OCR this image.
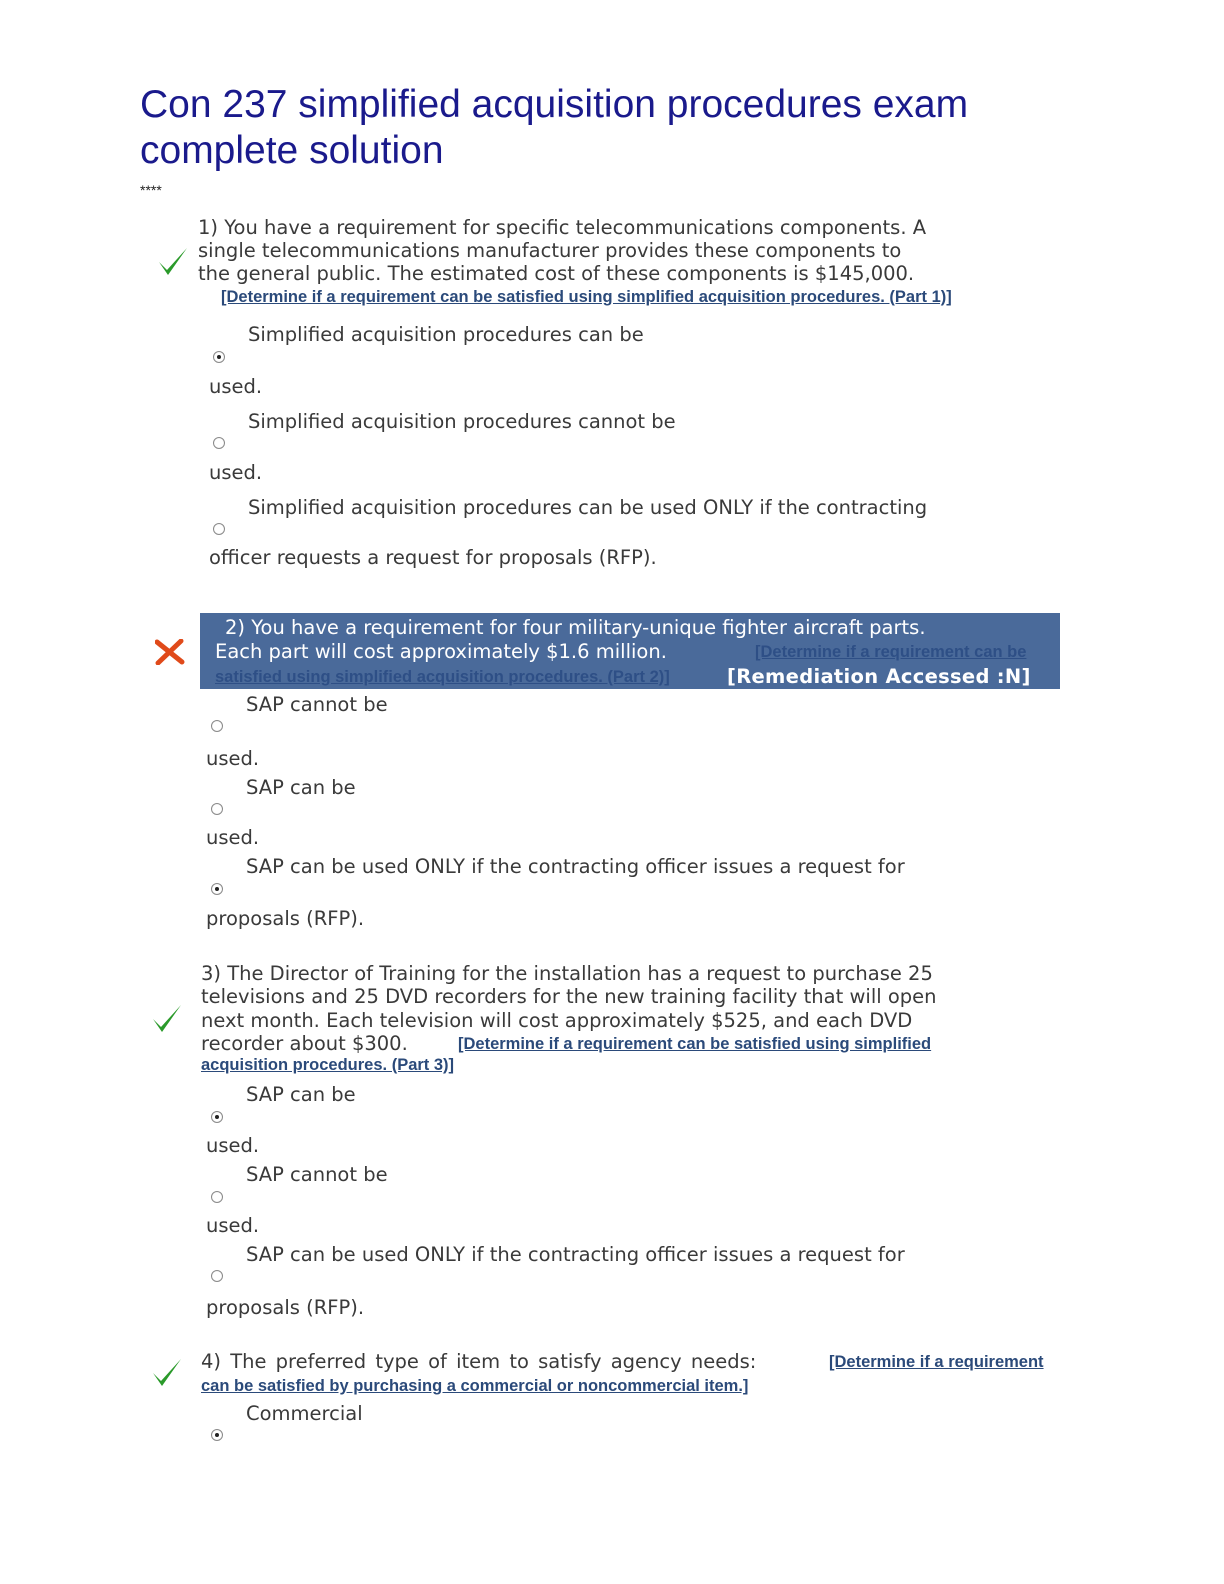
Con 237 simplified acquisition procedures exam
complete solution
****
1) You have a requirement for specific telecommunications components. A
single telecommunications manufacturer provides these components to
the general public. The estimated cost of these components is $145,000.
[Determine if a requirement can be satisfied using simplified acquisition procedures. (Part 1)]
Simplified acquisition procedures can be
used.
Simplified acquisition procedures cannot be
used.
Simplified acquisition procedures can be used ONLY if the contracting
officer requests a request for proposals (RFP).
2) You have a requirement for four military-unique fighter aircraft parts.
Each part will cost approximately $1.6 million.	[Determine if a requirement can be
satisfied using simplified acquisition procedures. (Part 2)]	[Remediation Accessed :N]
SAP cannot be
used.
SAP can be
used.
SAP can be used ONLY if the contracting officer issues a request for
proposals (RFP).
3) The Director of Training for the installation has a request to purchase 25
televisions and 25 DVD recorders for the new training facility that will open
next month. Each television will cost approximately $525, and each DVD
recorder about $300.	[Determine if a requirement can be satisfied using simplified
acquisition procedures. (Part 3)]
SAP can be
used.
SAP cannot be
used.
SAP can be used ONLY if the contracting officer issues a request for
proposals (RFP).
4) The preferred type of item to satisfy agency needs:	[Determine if a requirement
can be satisfied by purchasing a commercial or noncommercial item.]
Commercial
